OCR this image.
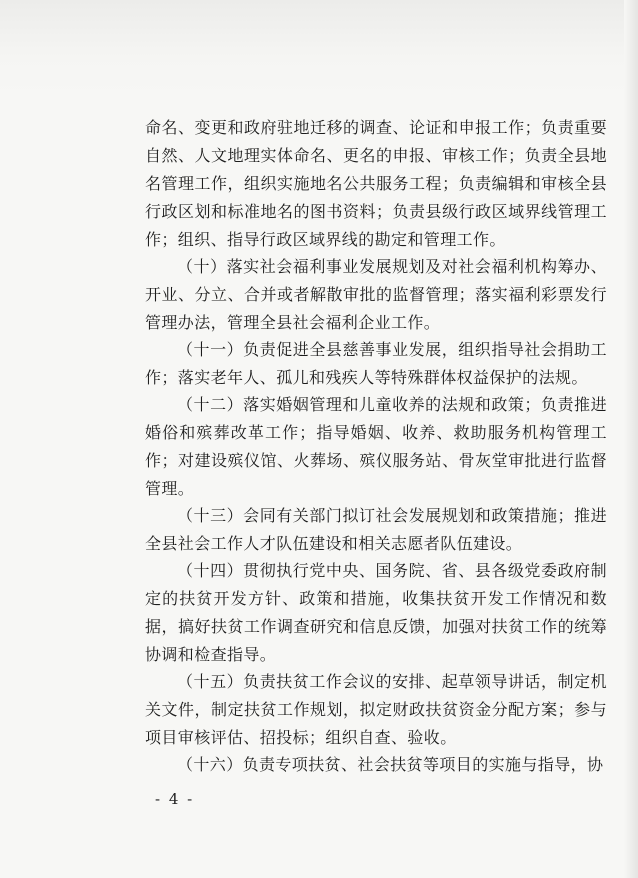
命名、变更和政府驻地迁移的调查、论证和申报工作；负责重要自然、人文地理实体命名、更名的申报、审核工作；负责全县地名管理工作，组织实施地名公共服务工程；负责编辑和审核全县行政区划和标准地名的图书资料；负责县级行政区域界线管理工作；组织、指导行政区域界线的勘定和管理工作。

（十）落实社会福利事业发展规划及对社会福利机构筹办、开业、分立、合并或者解散审批的监督管理；落实福利彩票发行管理办法，管理全县社会福利企业工作。

（十一）负责促进全县慈善事业发展，组织指导社会捐助工作；落实老年人、孤儿和残疾人等特殊群体权益保护的法规。

（十二）落实婚姻管理和儿童收养的法规和政策；负责推进婚俗和殡葬改革工作；指导婚姻、收养、救助服务机构管理工作；对建设殡仪馆、火葬场、殡仪服务站、骨灰堂审批进行监督管理。

（十三）会同有关部门拟订社会发展规划和政策措施；推进全县社会工作人才队伍建设和相关志愿者队伍建设。

（十四）贯彻执行党中央、国务院、省、县各级党委政府制定的扶贫开发方针、政策和措施，收集扶贫开发工作情况和数据，搞好扶贫工作调查研究和信息反馈，加强对扶贫工作的统筹协调和检查指导。

（十五）负责扶贫工作会议的安排、起草领导讲话，制定机关文件，制定扶贫工作规划，拟定财政扶贫资金分配方案；参与项目审核评估、招投标；组织自查、验收。

（十六）负责专项扶贫、社会扶贫等项目的实施与指导，协

- 4 -
